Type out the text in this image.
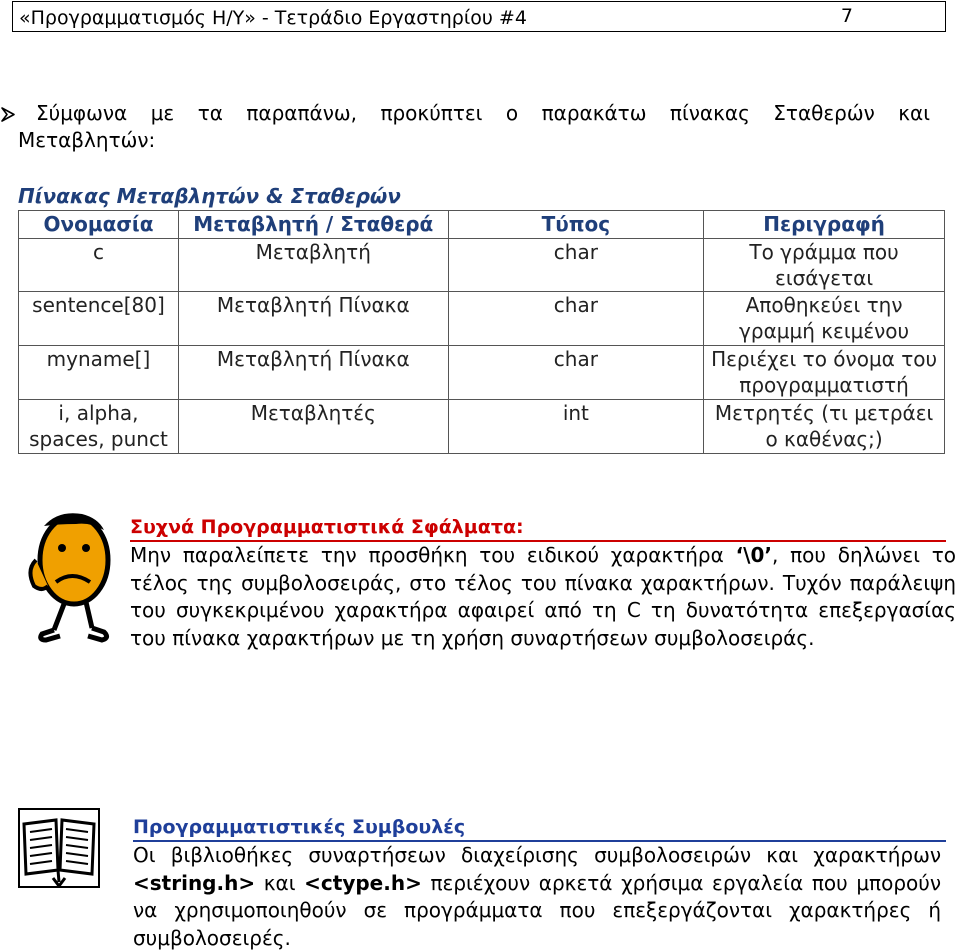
«Προγραμματισμός Η/Υ» - Τετράδιο Εργαστηρίου #4	7
Σύμφωνα με τα παραπάνω, προκύπτει ο παρακάτω πίνακας Σταθερών και
Μεταβλητών:
Πίνακας Μεταβλητών & Σταθερών
Ονομασία	Μεταβλητή / Σταθερά	Τύπος	Περιγραφή
c	Μεταβλητή	char	Το γράμμα που εισάγεται
sentence[80]	Μεταβλητή Πίνακα	char	Αποθηκεύει την γραμμή κειμένου
myname[]	Μεταβλητή Πίνακα	char	Περιέχει το όνομα του προγραμματιστή
i, alpha, spaces, punct	Μεταβλητές	int	Μετρητές (τι μετράει ο καθένας;)
Συχνά Προγραμματιστικά Σφάλματα:
Μην παραλείπετε την προσθήκη του ειδικού χαρακτήρα ‘\0’, που δηλώνει το τέλος της συμβολοσειράς, στο τέλος του πίνακα χαρακτήρων. Τυχόν παράλειψη του συγκεκριμένου χαρακτήρα αφαιρεί από τη C τη δυνατότητα επεξεργασίας του πίνακα χαρακτήρων με τη χρήση συναρτήσεων συμβολοσειράς.
Προγραμματιστικές Συμβουλές
Οι βιβλιοθήκες συναρτήσεων διαχείρισης συμβολοσειρών και χαρακτήρων <string.h> και <ctype.h> περιέχουν αρκετά χρήσιμα εργαλεία που μπορούν να χρησιμοποιηθούν σε προγράμματα που επεξεργάζονται χαρακτήρες ή συμβολοσειρές.
